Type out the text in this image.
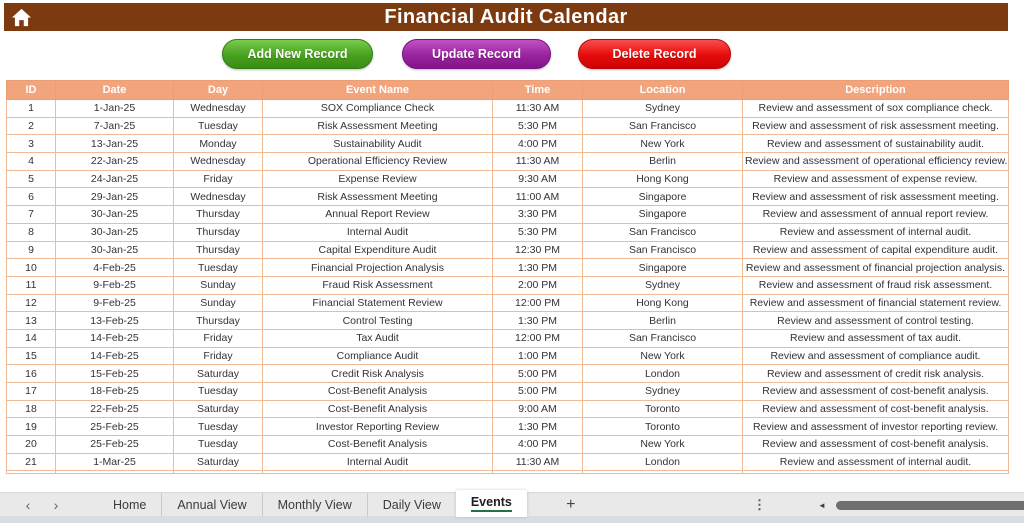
Financial Audit Calendar
Add New Record	Update Record	Delete Record
ID	Date	Day	Event Name	Time	Location	Description
1	1-Jan-25	Wednesday	SOX Compliance Check	11:30 AM	Sydney	Review and assessment of sox compliance check.
2	7-Jan-25	Tuesday	Risk Assessment Meeting	5:30 PM	San Francisco	Review and assessment of risk assessment meeting.
3	13-Jan-25	Monday	Sustainability Audit	4:00 PM	New York	Review and assessment of sustainability audit.
4	22-Jan-25	Wednesday	Operational Efficiency Review	11:30 AM	Berlin	Review and assessment of operational efficiency review.
5	24-Jan-25	Friday	Expense Review	9:30 AM	Hong Kong	Review and assessment of expense review.
6	29-Jan-25	Wednesday	Risk Assessment Meeting	11:00 AM	Singapore	Review and assessment of risk assessment meeting.
7	30-Jan-25	Thursday	Annual Report Review	3:30 PM	Singapore	Review and assessment of annual report review.
8	30-Jan-25	Thursday	Internal Audit	5:30 PM	San Francisco	Review and assessment of internal audit.
9	30-Jan-25	Thursday	Capital Expenditure Audit	12:30 PM	San Francisco	Review and assessment of capital expenditure audit.
10	4-Feb-25	Tuesday	Financial Projection Analysis	1:30 PM	Singapore	Review and assessment of financial projection analysis.
11	9-Feb-25	Sunday	Fraud Risk Assessment	2:00 PM	Sydney	Review and assessment of fraud risk assessment.
12	9-Feb-25	Sunday	Financial Statement Review	12:00 PM	Hong Kong	Review and assessment of financial statement review.
13	13-Feb-25	Thursday	Control Testing	1:30 PM	Berlin	Review and assessment of control testing.
14	14-Feb-25	Friday	Tax Audit	12:00 PM	San Francisco	Review and assessment of tax audit.
15	14-Feb-25	Friday	Compliance Audit	1:00 PM	New York	Review and assessment of compliance audit.
16	15-Feb-25	Saturday	Credit Risk Analysis	5:00 PM	London	Review and assessment of credit risk analysis.
17	18-Feb-25	Tuesday	Cost-Benefit Analysis	5:00 PM	Sydney	Review and assessment of cost-benefit analysis.
18	22-Feb-25	Saturday	Cost-Benefit Analysis	9:00 AM	Toronto	Review and assessment of cost-benefit analysis.
19	25-Feb-25	Tuesday	Investor Reporting Review	1:30 PM	Toronto	Review and assessment of investor reporting review.
20	25-Feb-25	Tuesday	Cost-Benefit Analysis	4:00 PM	New York	Review and assessment of cost-benefit analysis.
21	1-Mar-25	Saturday	Internal Audit	11:30 AM	London	Review and assessment of internal audit.

‹	›	Home Annual View Monthly View Daily View Events	+	⋮	◄
